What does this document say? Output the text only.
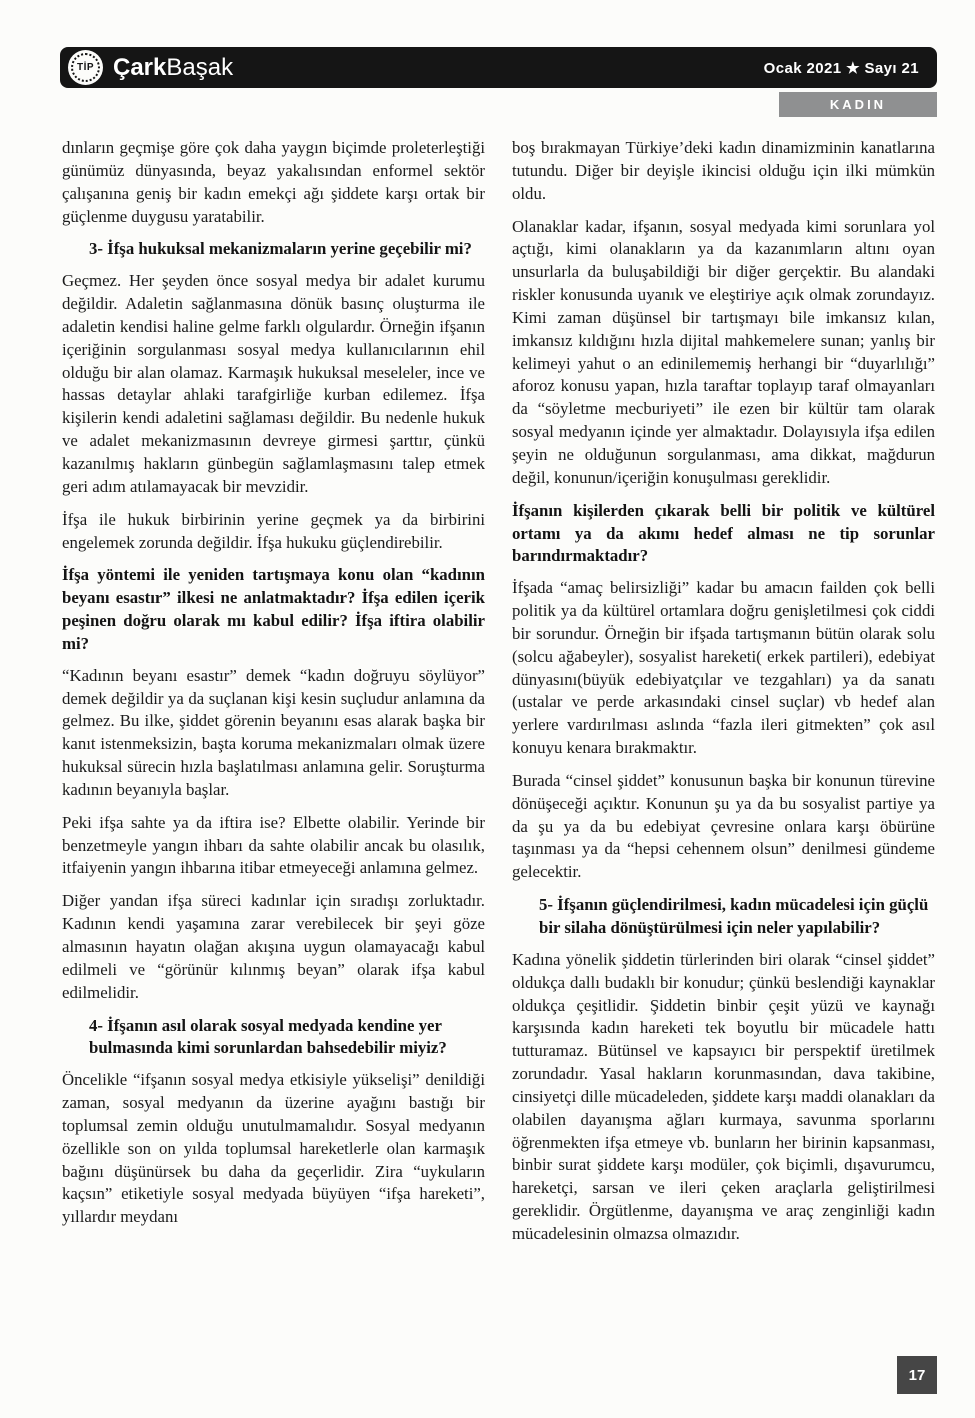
TİP ÇarkBaşak	Ocak 2021 ★ Sayı 21
KADIN

dınların geçmişe göre çok daha yaygın biçimde proleterleştiği günümüz dünyasında, beyaz yakalısından enformel sektör çalışanına geniş bir kadın emekçi ağı şiddete karşı ortak bir güçlenme duygusu yaratabilir.

3- İfşa hukuksal mekanizmaların yerine geçebilir mi?

Geçmez. Her şeyden önce sosyal medya bir adalet kurumu değildir. Adaletin sağlanmasına dönük basınç oluşturma ile adaletin kendisi haline gelme farklı olgulardır. Örneğin ifşanın içeriğinin sorgulanması sosyal medya kullanıcılarının ehil olduğu bir alan olamaz. Karmaşık hukuksal meseleler, ince ve hassas detaylar ahlaki tarafgirliğe kurban edilemez. İfşa kişilerin kendi adaletini sağlaması değildir. Bu nedenle hukuk ve adalet mekanizmasının devreye girmesi şarttır, çünkü kazanılmış hakların günbegün sağlamlaşmasını talep etmek geri adım atılamayacak bir mevzidir.

İfşa ile hukuk birbirinin yerine geçmek ya da birbirini engelemek zorunda değildir. İfşa hukuku güçlendirebilir.

İfşa yöntemi ile yeniden tartışmaya konu olan “kadının beyanı esastır” ilkesi ne anlatmaktadır? İfşa edilen içerik peşinen doğru olarak mı kabul edilir? İfşa iftira olabilir mi?

“Kadının beyanı esastır” demek “kadın doğruyu söylüyor” demek değildir ya da suçlanan kişi kesin suçludur anlamına da gelmez. Bu ilke, şiddet görenin beyanını esas alarak başka bir kanıt istenmeksizin, başta koruma mekanizmaları olmak üzere hukuksal sürecin hızla başlatılması anlamına gelir. Soruşturma kadının beyanıyla başlar.

Peki ifşa sahte ya da iftira ise? Elbette olabilir. Yerinde bir benzetmeyle yangın ihbarı da sahte olabilir ancak bu olasılık, itfaiyenin yangın ihbarına itibar etmeyeceği anlamına gelmez.

Diğer yandan ifşa süreci kadınlar için sıradışı zorluktadır. Kadının kendi yaşamına zarar verebilecek bir şeyi göze almasının hayatın olağan akışına uygun olamayacağı kabul edilmeli ve “görünür kılınmış beyan” olarak ifşa kabul edilmelidir.

4- İfşanın asıl olarak sosyal medyada kendine yer bulmasında kimi sorunlardan bahsedebilir miyiz?

Öncelikle “ifşanın sosyal medya etkisiyle yükselişi” denildiği zaman, sosyal medyanın da üzerine ayağını bastığı bir toplumsal zemin olduğu unutulmamalıdır. Sosyal medyanın özellikle son on yılda toplumsal hareketlerle olan karmaşık bağını düşünürsek bu daha da geçerlidir. Zira “uykuların kaçsın” etiketiyle sosyal medyada büyüyen “ifşa hareketi”, yıllardır meydanı

boş bırakmayan Türkiye’deki kadın dinamizminin kanatlarına tutundu. Diğer bir deyişle ikincisi olduğu için ilki mümkün oldu.

Olanaklar kadar, ifşanın, sosyal medyada kimi sorunlara yol açtığı, kimi olanakların ya da kazanımların altını oyan unsurlarla da buluşabildiği bir diğer gerçektir. Bu alandaki riskler konusunda uyanık ve eleştiriye açık olmak zorundayız. Kimi zaman düşünsel bir tartışmayı bile imkansız kılan, imkansız kıldığını hızla dijital mahkemelere sunan; yanlış bir kelimeyi yahut o an edinilememiş herhangi bir “duyarlılığı” aforoz konusu yapan, hızla taraftar toplayıp taraf olmayanları da “söyletme mecburiyeti” ile ezen bir kültür tam olarak sosyal medyanın içinde yer almaktadır. Dolayısıyla ifşa edilen şeyin ne olduğunun sorgulanması, ama dikkat, mağdurun değil, konunun/içeriğin konuşulması gereklidir.

İfşanın kişilerden çıkarak belli bir politik ve kültürel ortamı ya da akımı hedef alması ne tip sorunlar barındırmaktadır?

İfşada “amaç belirsizliği” kadar bu amacın failden çok belli politik ya da kültürel ortamlara doğru genişletilmesi çok ciddi bir sorundur. Örneğin bir ifşada tartışmanın bütün olarak solu (solcu ağabeyler), sosyalist hareketi( erkek partileri), edebiyat dünyasını(büyük edebiyatçılar ve tezgahları) ya da sanatı (ustalar ve perde arkasındaki cinsel suçlar) vb hedef alan yerlere vardırılması aslında “fazla ileri gitmekten” çok asıl konuyu kenara bırakmaktır.

Burada “cinsel şiddet” konusunun başka bir konunun türevine dönüşeceği açıktır. Konunun şu ya da bu sosyalist partiye ya da şu ya da bu edebiyat çevresine onlara karşı öbürüne taşınması ya da “hepsi cehennem olsun” denilmesi gündeme gelecektir.

5- İfşanın güçlendirilmesi, kadın mücadelesi için güçlü bir silaha dönüştürülmesi için neler yapılabilir?

Kadına yönelik şiddetin türlerinden biri olarak “cinsel şiddet” oldukça dallı budaklı bir konudur; çünkü beslendiği kaynaklar oldukça çeşitlidir. Şiddetin binbir çeşit yüzü ve kaynağı karşısında kadın hareketi tek boyutlu bir mücadele hattı tutturamaz. Bütünsel ve kapsayıcı bir perspektif üretilmek zorundadır. Yasal hakların korunmasından, dava takibine, cinsiyetçi dille mücadeleden, şiddete karşı maddi olanakları da olabilen dayanışma ağları kurmaya, savunma sporlarını öğrenmekten ifşa etmeye vb. bunların her birinin kapsanması, binbir surat şiddete karşı modüler, çok biçimli, dışavurumcu, hareketçi, sarsan ve ileri çeken araçlarla geliştirilmesi gereklidir. Örgütlenme, dayanışma ve araç zenginliği kadın mücadelesinin olmazsa olmazıdır.

17
